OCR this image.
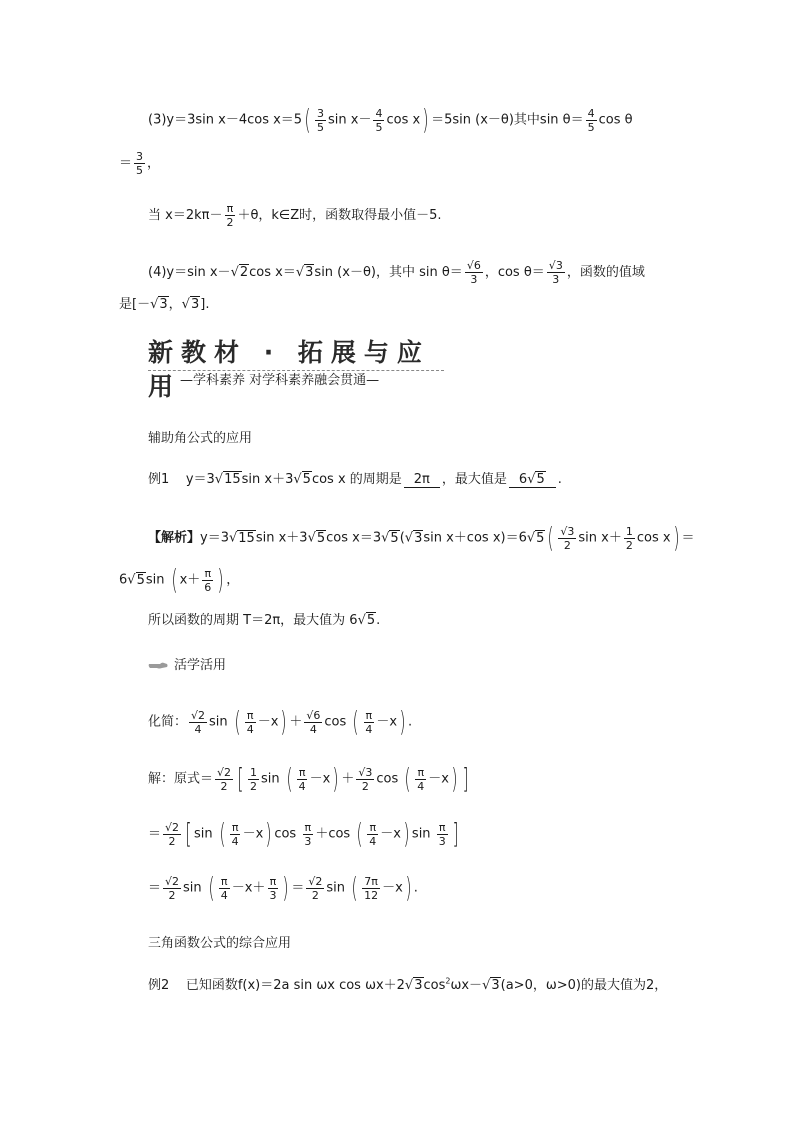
(3)y＝3sin x－4cos $x=5( \frac{3}{5}$ $\sin x- \frac{4}{5}$ cos x) ＝5sin (x－θ)其中$\sin \theta= \frac{4}{5}$ cos θ
＝ $\frac{3}{5}$ ，
当 $x=2k\pi- \frac{\pi}{2} +\theta$，k∈Z时，函数取得最小值－5.
(4)y＝sin x－√2cos x＝√3sin (x－θ)，其中 $\sin \theta= \frac{√6}{3}$ ，$\cos \theta= \frac{√3}{3}$ ，函数的值域
是[－√3，√3].
新教材 · 拓展与应用
—学科素养 对学科素养融会贯通—
辅助角公式的应用
例1 y＝3√15sin x＋3√5cos x 的周期是 2π ，最大值是 6√5 .
【解析】y＝3√15sin x＋3√5cos x＝3√5(√3sin x＋cos x)＝6√5 ( $\frac{√3}{2}$ $\sin x+ \frac{1}{2}$ cos x) ＝
6√5sin ( $x+ \frac{\pi}{6}$ ) ，
所以函数的周期 T＝2π，最大值为 6√5.
活学活用
化简： $\frac{√2}{4}$ sin ( $\frac{\pi}{4} -x) + \frac{√6}{4}$ cos ( $\frac{\pi}{4} -x$) .
解：原式＝ $\frac{√2}{2}$ [ $\frac{1}{2}$ sin ( $\frac{\pi}{4} -x) + \frac{√3}{2}$ cos ( $\frac{\pi}{4} -x$) ]
＝ $\frac{√2}{2}$ [ sin ( $\frac{\pi}{4} -x$) $\cos \frac{\pi}{3} +\cos$ ( $\frac{\pi}{4} -x$) $\sin \frac{\pi}{3}$ ]
＝ $\frac{√2}{2}$ sin ( $\frac{\pi}{4} -x+ \frac{\pi}{3}$ ) ＝ $\frac{√2}{2}$ sin ( $\frac{7\pi}{12} -x$) .
三角函数公式的综合应用
例2 已知函数f(x)＝2a sin ωx $\cos \omega x+2√3\cos^2\omega x-√3(a>0$，ω>0)的最大值为2，
